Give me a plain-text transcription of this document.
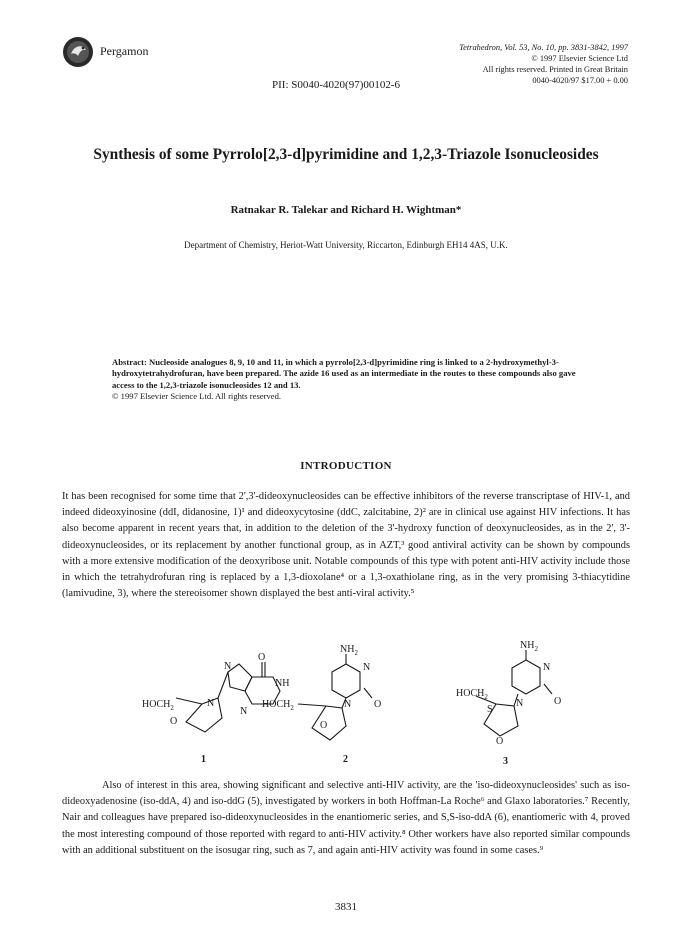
Pergamon	Tetrahedron, Vol. 53, No. 10, pp. 3831-3842, 1997
© 1997 Elsevier Science Ltd
All rights reserved. Printed in Great Britain
0040-4020/97 $17.00 + 0.00
PII: S0040-4020(97)00102-6
Synthesis of some Pyrrolo[2,3-d]pyrimidine and 1,2,3-Triazole Isonucleosides
Ratnakar R. Talekar and Richard H. Wightman*
Department of Chemistry, Heriot-Watt University, Riccarton, Edinburgh EH14 4AS, U.K.
Abstract: Nucleoside analogues 8, 9, 10 and 11, in which a pyrrolo[2,3-d]pyrimidine ring is linked to a 2-hydroxymethyl-3-hydroxytetrahydrofuran, have been prepared. The azide 16 used as an intermediate in the routes to these compounds also gave access to the 1,2,3-triazole isonucleosides 12 and 13.
© 1997 Elsevier Science Ltd. All rights reserved.
INTRODUCTION
It has been recognised for some time that 2',3'-dideoxynucleosides can be effective inhibitors of the reverse transcriptase of HIV-1, and indeed dideoxyinosine (ddI, didanosine, 1)¹ and dideoxycytosine (ddC, zalcitabine, 2)² are in clinical use against HIV infections. It has also become apparent in recent years that, in addition to the deletion of the 3'-hydroxy function of deoxynucleosides, as in the 2', 3'-dideoxynucleosides, or its replacement by another functional group, as in AZT,³ good antiviral activity can be shown by compounds with a more extensive modification of the deoxyribose unit. Notable compounds of this type with potent anti-HIV activity include those in which the tetrahydrofuran ring is replaced by a 1,3-dioxolane⁴ or a 1,3-oxathiolane ring, as in the very promising 3-thiacytidine (lamivudine, 3), where the stereoisomer shown displayed the best anti-viral activity.⁵
O
N
NH
N
N
$HOCH_2$
O
1
$NH_2$
N
N O
$HOCH_2$
O
2
$NH_2$
N
N	O
$HOCH_2$
S
O
3
Also of interest in this area, showing significant and selective anti-HIV activity, are the 'iso-dideoxynucleosides' such as iso-dideoxyadenosine (iso-ddA, 4) and iso-ddG (5), investigated by workers in both Hoffman-La Roche⁶ and Glaxo laboratories.⁷ Recently, Nair and colleagues have prepared iso-dideoxynucleosides in the enantiomeric series, and S,S-iso-ddA (6), enantiomeric with 4, proved the most interesting compound of those reported with regard to anti-HIV activity.⁸ Other workers have also reported similar compounds with an additional substituent on the isosugar ring, such as 7, and again anti-HIV activity was found in some cases.⁹
3831
